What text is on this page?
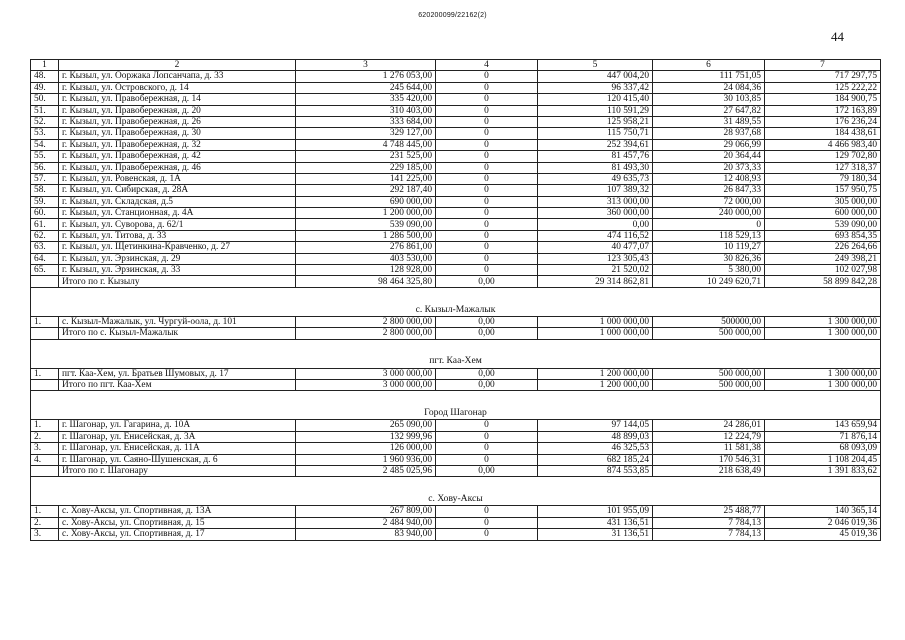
620200099/22162(2)
44
1	2	3	4	5	6	7
48.	г. Кызыл, ул. Ооржака Лопсанчапа, д. 33	1 276 053,00	0	447 004,20	111 751,05	717 297,75
49.	г. Кызыл, ул. Островского, д. 14	245 644,00	0	96 337,42	24 084,36	125 222,22
50.	г. Кызыл, ул. Правобережная, д. 14	335 420,00	0	120 415,40	30 103,85	184 900,75
51.	г. Кызыл, ул. Правобережная, д. 20	310 403,00	0	110 591,29	27 647,82	172 163,89
52.	г. Кызыл, ул. Правобережная, д. 26	333 684,00	0	125 958,21	31 489,55	176 236,24
53.	г. Кызыл, ул. Правобережная, д. 30	329 127,00	0	115 750,71	28 937,68	184 438,61
54.	г. Кызыл, ул. Правобережная, д. 32	4 748 445,00	0	252 394,61	29 066,99	4 466 983,40
55.	г. Кызыл, ул. Правобережная, д. 42	231 525,00	0	81 457,76	20 364,44	129 702,80
56.	г. Кызыл, ул. Правобережная, д. 46	229 185,00	0	81 493,30	20 373,33	127 318,37
57.	г. Кызыл, ул. Ровенская, д. 1А	141 225,00	0	49 635,73	12 408,93	79 180,34
58.	г. Кызыл, ул. Сибирская, д. 28А	292 187,40	0	107 389,32	26 847,33	157 950,75
59.	г. Кызыл, ул. Складская, д.5	690 000,00	0	313 000,00	72 000,00	305 000,00
60.	г. Кызыл, ул. Станционная, д. 4А	1 200 000,00	0	360 000,00	240 000,00	600 000,00
61.	г. Кызыл, ул. Суворова, д. 62/1	539 090,00	0	0,00	0	539 090,00
62.	г. Кызыл, ул. Титова, д. 33	1 286 500,00	0	474 116,52	118 529,13	693 854,35
63.	г. Кызыл, ул. Щетинкина-Кравченко, д. 27	276 861,00	0	40 477,07	10 119,27	226 264,66
64.	г. Кызыл, ул. Эрзинская, д. 29	403 530,00	0	123 305,43	30 826,36	249 398,21
65.	г. Кызыл, ул. Эрзинская, д. 33	128 928,00	0	21 520,02	5 380,00	102 027,98
	Итого по г. Кызылу	98 464 325,80	0,00	29 314 862,81	10 249 620,71	58 899 842,28

с. Кызыл-Мажалык						
1.	с. Кызыл-Мажалык, ул. Чургуй-оола, д. 101	2 800 000,00	0,00	1 000 000,00	500000,00	1 300 000,00
	Итого по с. Кызыл-Мажалык	2 800 000,00	0,00	1 000 000,00	500 000,00	1 300 000,00

пгт. Каа-Хем						
1.	пгт. Каа-Хем, ул. Братьев Шумовых, д. 17	3 000 000,00	0,00	1 200 000,00	500 000,00	1 300 000,00
	Итого по пгт. Каа-Хем	3 000 000,00	0,00	1 200 000,00	500 000,00	1 300 000,00

Город Шагонар						
1.	г. Шагонар, ул. Гагарина, д. 10А	265 090,00	0	97 144,05	24 286,01	143 659,94
2.	г. Шагонар, ул. Енисейская, д. 3А	132 999,96	0	48 899,03	12 224,79	71 876,14
3.	г. Шагонар, ул. Енисейская, д. 11А	126 000,00	0	46 325,53	11 581,38	68 093,09
4.	г. Шагонар, ул. Саяно-Шушенская, д. 6	1 960 936,00	0	682 185,24	170 546,31	1 108 204,45
	Итого по г. Шагонару	2 485 025,96	0,00	874 553,85	218 638,49	1 391 833,62

с. Хову-Аксы						
1.	с. Хову-Аксы, ул. Спортивная, д. 13А	267 809,00	0	101 955,09	25 488,77	140 365,14
2.	с. Хову-Аксы, ул. Спортивная, д. 15	2 484 940,00	0	431 136,51	7 784,13	2 046 019,36
3.	с. Хову-Аксы, ул. Спортивная, д. 17	83 940,00	0	31 136,51	7 784,13	45 019,36
